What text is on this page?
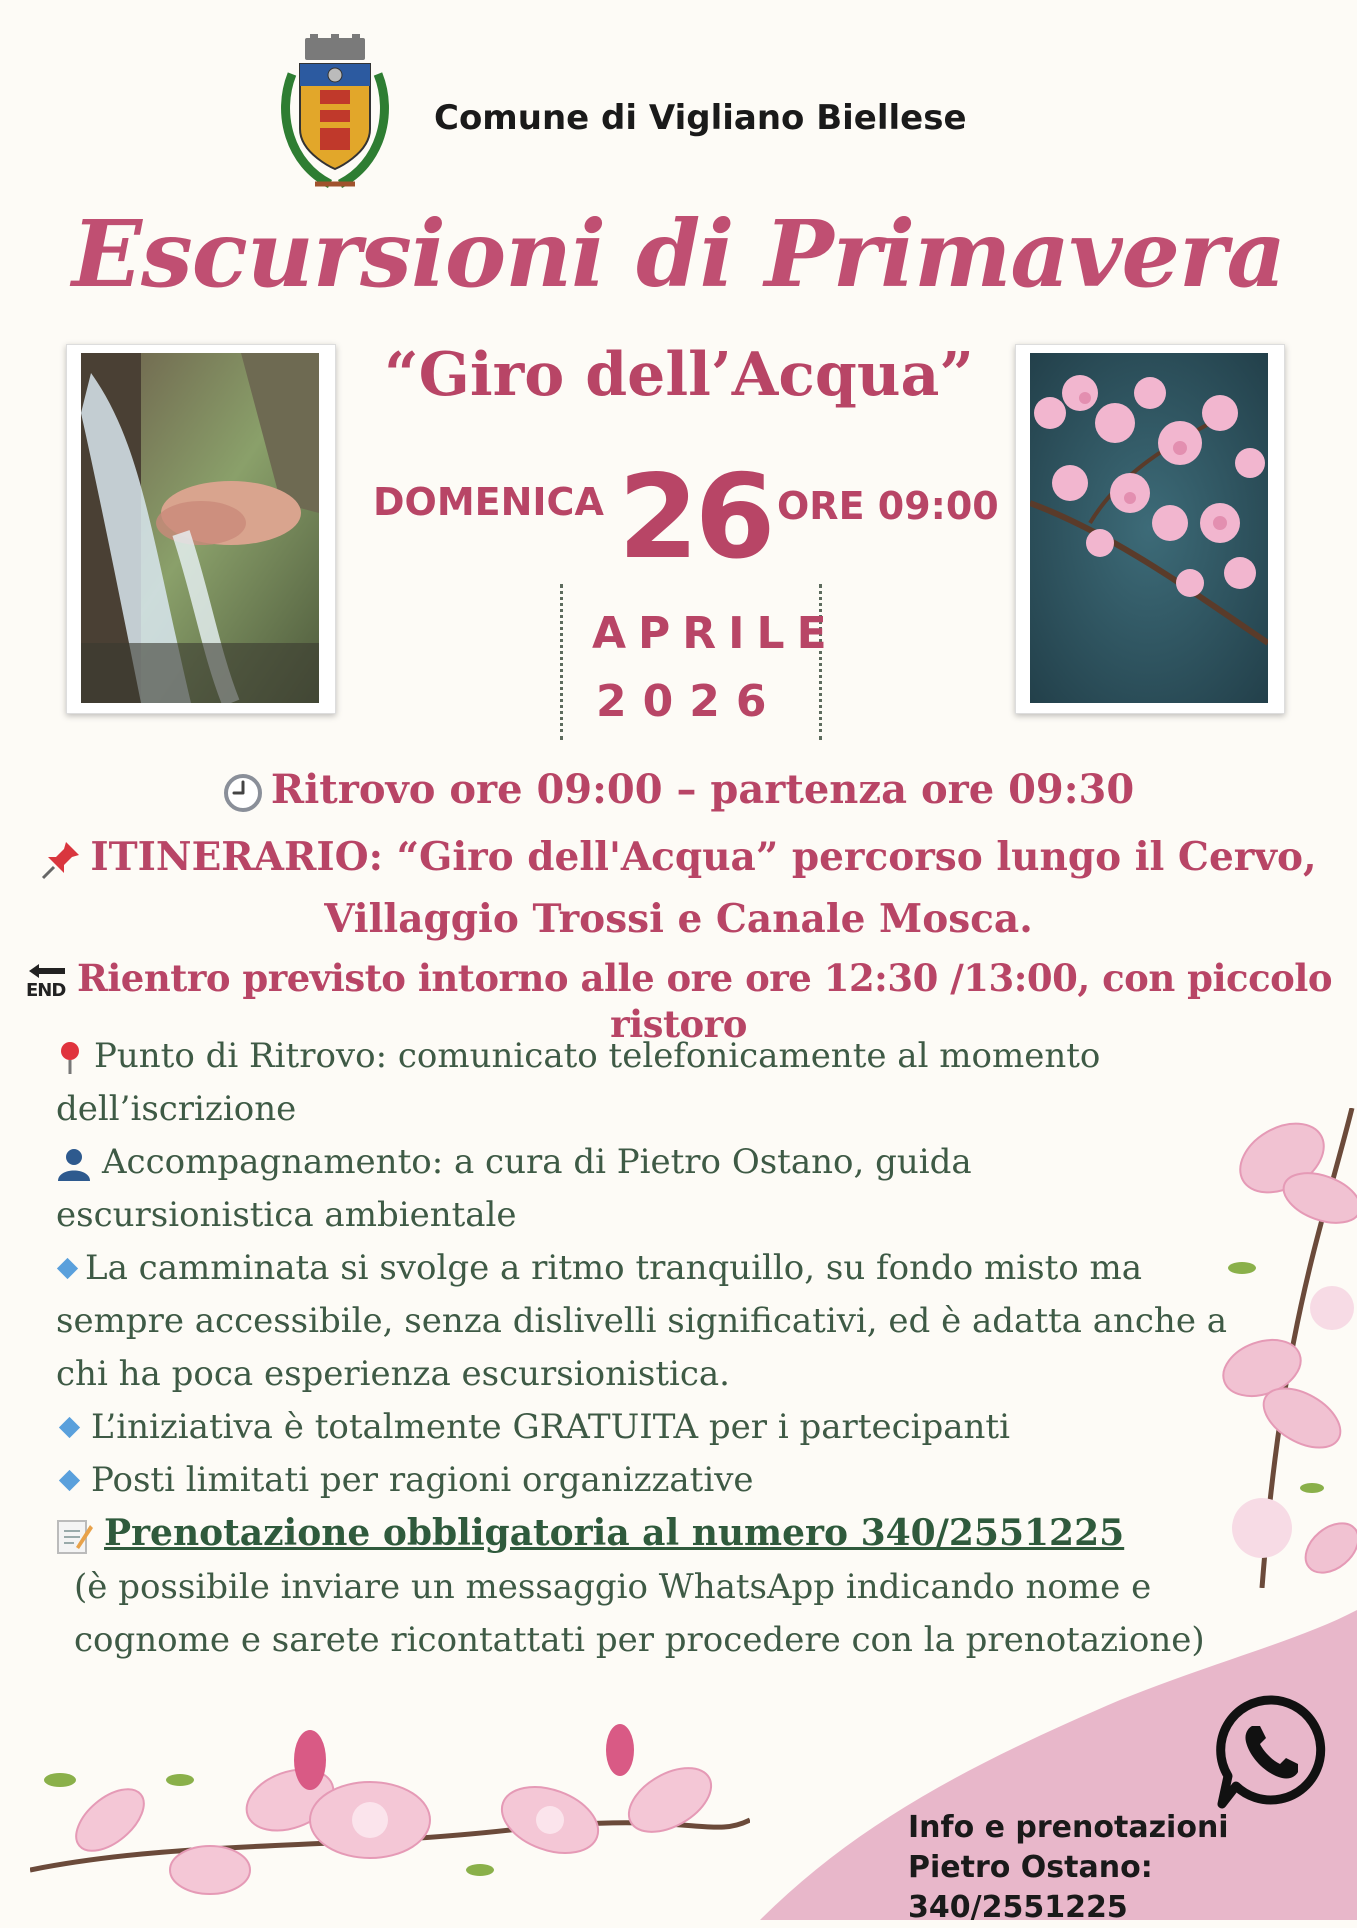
Comune di Vigliano Biellese
Escursioni di Primavera
“Giro dell’Acqua”
DOMENICA 26 ORE 09:00
APRILE
2026
Ritrovo ore 09:00 – partenza ore 09:30
ITINERARIO: “Giro dell'Acqua” percorso lungo il Cervo,
Villaggio Trossi e Canale Mosca.
END Rientro previsto intorno alle ore ore 12:30 /13:00, con piccolo ristoro

Punto di Ritrovo: comunicato telefonicamente al momento dell’iscrizione

Accompagnamento: a cura di Pietro Ostano, guida escursionistica ambientale

La camminata si svolge a ritmo tranquillo, su fondo misto ma sempre accessibile, senza dislivelli significativi, ed è adatta anche a chi ha poca esperienza escursionistica.

L’iniziativa è totalmente GRATUITA per i partecipanti

Posti limitati per ragioni organizzative

Prenotazione obbligatoria al numero 340/2551225

(è possibile inviare un messaggio WhatsApp indicando nome e cognome e sarete ricontattati per procedere con la prenotazione)

Info e prenotazioni
Pietro Ostano: 340/2551225
